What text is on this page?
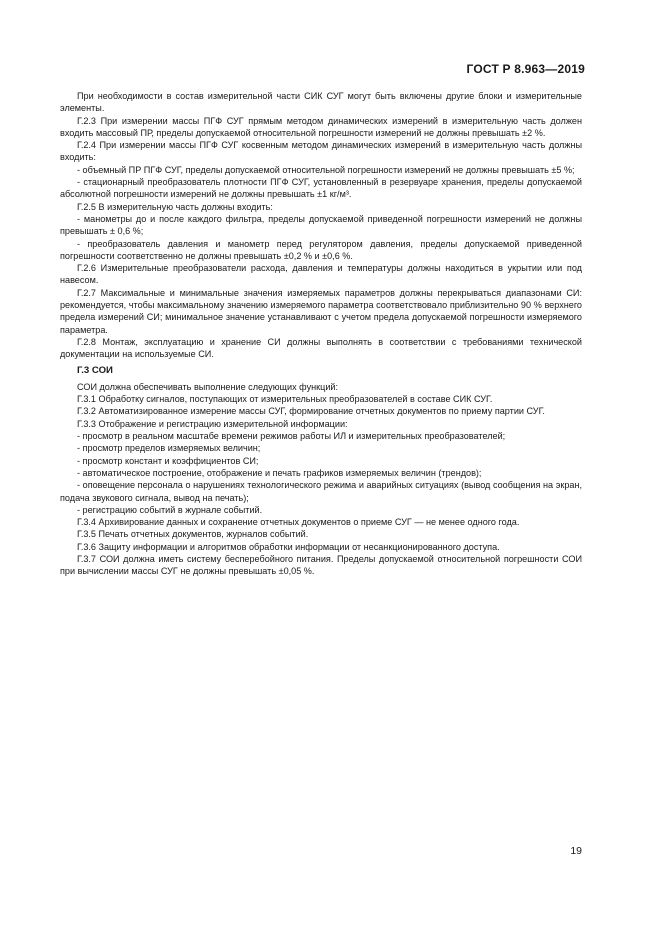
ГОСТ Р 8.963—2019

При необходимости в состав измерительной части СИК СУГ могут быть включены другие блоки и измерительные элементы.

Г.2.3 При измерении массы ПГФ СУГ прямым методом динамических измерений в измерительную часть должен входить массовый ПР, пределы допускаемой относительной погрешности измерений не должны превышать ±2 %.

Г.2.4 При измерении массы ПГФ СУГ косвенным методом динамических измерений в измерительную часть должны входить:

- объемный ПР ПГФ СУГ, пределы допускаемой относительной погрешности измерений не должны превышать ±5 %;

- стационарный преобразователь плотности ПГФ СУГ, установленный в резервуаре хранения, пределы допускаемой абсолютной погрешности измерений не должны превышать ±1 кг/м³.

Г.2.5 В измерительную часть должны входить:

- манометры до и после каждого фильтра, пределы допускаемой приведенной погрешности измерений не должны превышать ± 0,6 %;

- преобразователь давления и манометр перед регулятором давления, пределы допускаемой приведенной погрешности соответственно не должны превышать ±0,2 % и ±0,6 %.

Г.2.6 Измерительные преобразователи расхода, давления и температуры должны находиться в укрытии или под навесом.

Г.2.7 Максимальные и минимальные значения измеряемых параметров должны перекрываться диапазонами СИ: рекомендуется, чтобы максимальному значению измеряемого параметра соответствовало приблизительно 90 % верхнего предела измерений СИ; минимальное значение устанавливают с учетом предела допускаемой погрешности измеряемого параметра.

Г.2.8 Монтаж, эксплуатацию и хранение СИ должны выполнять в соответствии с требованиями технической документации на используемые СИ.

Г.3 СОИ

СОИ должна обеспечивать выполнение следующих функций:

Г.3.1 Обработку сигналов, поступающих от измерительных преобразователей в составе СИК СУГ.

Г.3.2 Автоматизированное измерение массы СУГ, формирование отчетных документов по приему партии СУГ.

Г.3.3 Отображение и регистрацию измерительной информации:

- просмотр в реальном масштабе времени режимов работы ИЛ и измерительных преобразователей;

- просмотр пределов измеряемых величин;

- просмотр констант и коэффициентов СИ;

- автоматическое построение, отображение и печать графиков измеряемых величин (трендов);

- оповещение персонала о нарушениях технологического режима и аварийных ситуациях (вывод сообщения на экран, подача звукового сигнала, вывод на печать);

- регистрацию событий в журнале событий.

Г.3.4 Архивирование данных и сохранение отчетных документов о приеме СУГ — не менее одного года.

Г.3.5 Печать отчетных документов, журналов событий.

Г.3.6 Защиту информации и алгоритмов обработки информации от несанкционированного доступа.

Г.3.7 СОИ должна иметь систему бесперебойного питания. Пределы допускаемой относительной погрешности СОИ при вычислении массы СУГ не должны превышать ±0,05 %.

19
